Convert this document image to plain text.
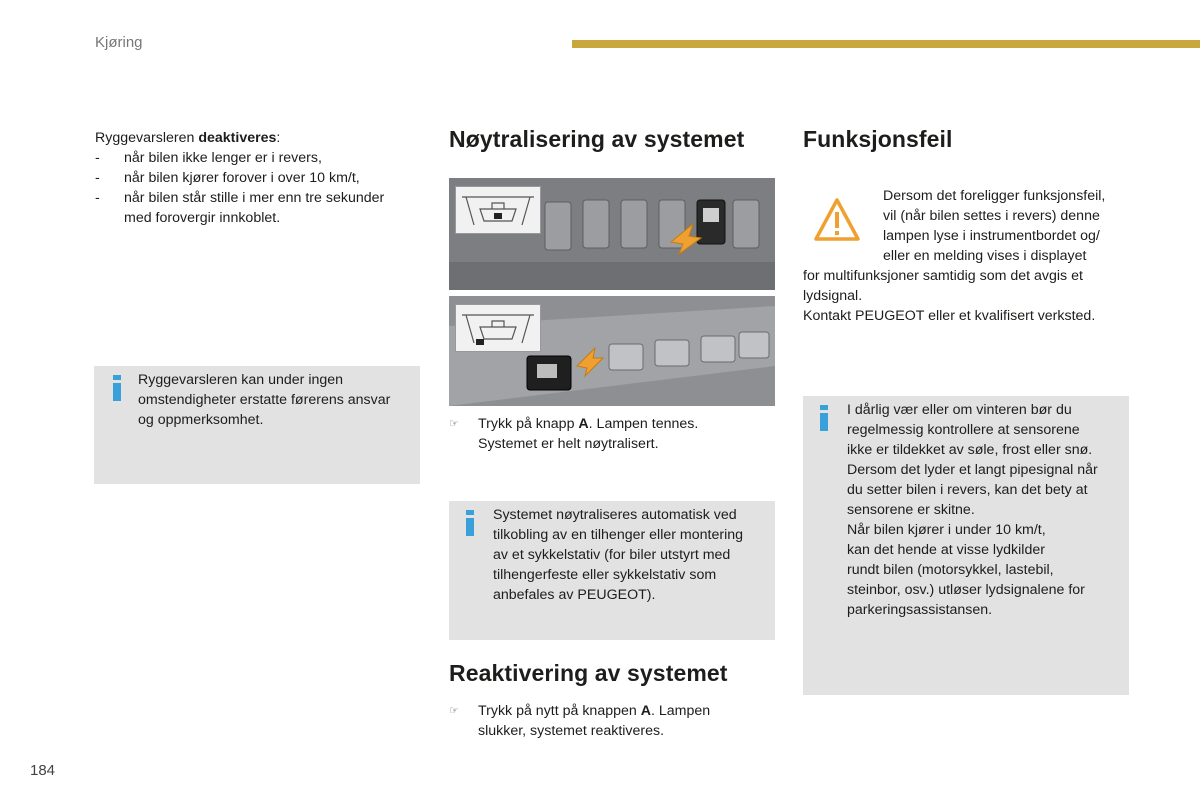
Kjøring
Ryggevarsleren deaktiveres:
- når bilen ikke lenger er i revers,
- når bilen kjører forover i over 10 km/t,
- når bilen står stille i mer enn tre sekunder
med forovergir innkoblet.
Ryggevarsleren kan under ingen
omstendigheter erstatte førerens ansvar
og oppmerksomhet.
Nøytralisering av systemet
☞ Trykk på knapp A. Lampen tennes.
Systemet er helt nøytralisert.
Systemet nøytraliseres automatisk ved
tilkobling av en tilhenger eller montering
av et sykkelstativ (for biler utstyrt med
tilhengerfeste eller sykkelstativ som
anbefales av PEUGEOT).
Reaktivering av systemet
☞ Trykk på nytt på knappen A. Lampen
slukker, systemet reaktiveres.
Funksjonsfeil
Dersom det foreligger funksjonsfeil,
vil (når bilen settes i revers) denne
lampen lyse i instrumentbordet og/
eller en melding vises i displayet
for multifunksjoner samtidig som det avgis et
lydsignal.
Kontakt PEUGEOT eller et kvalifisert verksted.
I dårlig vær eller om vinteren bør du
regelmessig kontrollere at sensorene
ikke er tildekket av søle, frost eller snø.
Dersom det lyder et langt pipesignal når
du setter bilen i revers, kan det bety at
sensorene er skitne.
Når bilen kjører i under 10 km/t,
kan det hende at visse lydkilder
rundt bilen (motorsykkel, lastebil,
steinbor, osv.) utløser lydsignalene for
parkeringsassistansen.
184
